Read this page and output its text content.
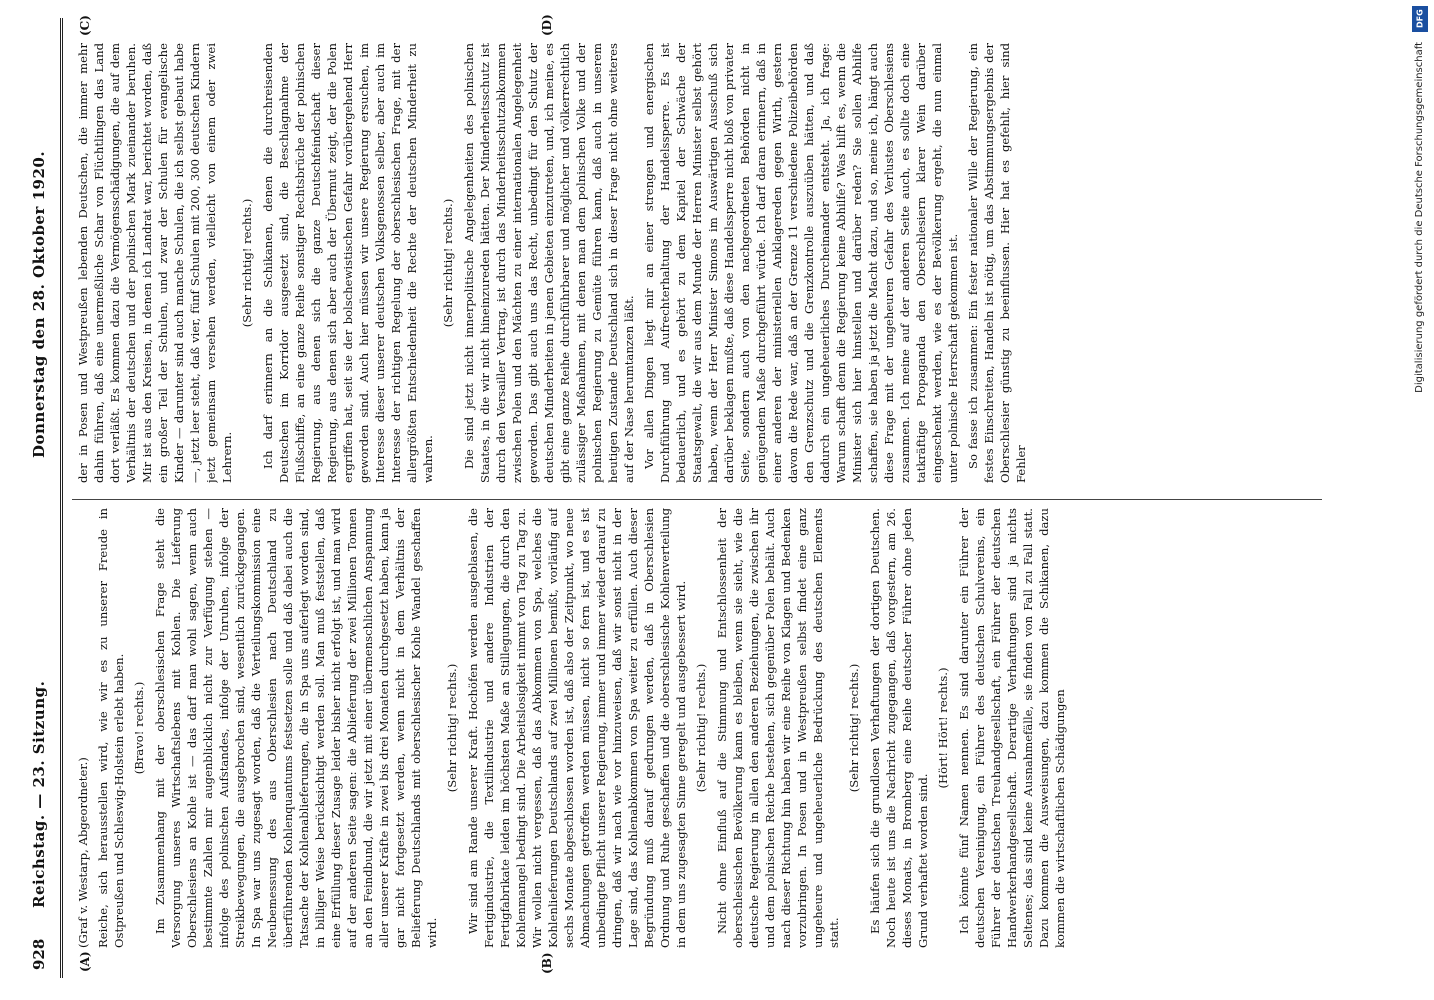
928
Reichstag. — 23. Sitzung.
Donnerstag den 28. Oktober 1920.
(A)	(B)
(C)	(D)

(Graf v. Westarp, Abgeordneter.) Reiche, sich herausstellen wird, wie wir es zu unserer Freude in Ostpreußen und Schleswig-Holstein erlebt haben. (Bravo! rechts.) Im Zusammenhang mit der oberschlesischen Frage steht die Versorgung unseres Wirtschaftslebens mit Kohlen. Die Lieferung Oberschlesiens an Kohle ist — das darf man wohl sagen, wenn auch bestimmte Zahlen mir augenblicklich nicht zur Verfügung stehen — infolge des polnischen Aufstandes, infolge der Unruhen, infolge der Streikbewegungen, die ausgebrochen sind, wesentlich zurückgegangen. In Spa war uns zugesagt worden, daß die Verteilungskommission eine Neubemessung des aus Oberschlesien nach Deutschland zu überführenden Kohlenquantums festsetzen solle und daß dabei auch die Tatsache der Kohlenablieferungen, die in Spa uns auferlegt worden sind, in billiger Weise berücksichtigt werden soll. Man muß feststellen, daß eine Erfüllung dieser Zusage leider bisher nicht erfolgt ist, und man wird auf der anderen Seite sagen: die Ablieferung der zwei Millionen Tonnen an den Feindbund, die wir jetzt mit einer übermenschlichen Anspannung aller unserer Kräfte in zwei bis drei Monaten durchgesetzt haben, kann ja gar nicht fortgesetzt werden, wenn nicht in dem Verhältnis der Belieferung Deutschlands mit oberschlesischer Kohle Wandel geschaffen wird.

(Sehr richtig! rechts.) Wir sind am Rande unserer Kraft. Hochöfen werden ausgeblasen, die Fertigindustrie, die Textilindustrie und andere Industrien der Fertigfabrikate leiden im höchsten Maße an Stillegungen, die durch den Kohlenmangel bedingt sind. Die Arbeitslosigkeit nimmt von Tag zu Tag zu. Wir wollen nicht vergessen, daß das Abkommen von Spa, welches die Kohlenlieferungen Deutschlands auf zwei Millionen bemißt, vorläufig auf sechs Monate abgeschlossen worden ist, daß also der Zeitpunkt, wo neue Abmachungen getroffen werden müssen, nicht so fern ist, und es ist unbedingte Pflicht unserer Regierung, immer und immer wieder darauf zu dringen, daß wir nach wie vor hinzuweisen, daß wir sonst nicht in der Lage sind, das Kohlenabkommen von Spa weiter zu erfüllen. Auch dieser Begründung muß darauf gedrungen werden, daß in Oberschlesien Ordnung und Ruhe geschaffen und die oberschlesische Kohlenverteilung in dem uns zugesagten Sinne geregelt und ausgebessert wird. (Sehr richtig! rechts.) Nicht ohne Einfluß auf die Stimmung und Entschlossenheit der oberschlesischen Bevölkerung kann es bleiben, wenn sie sieht, wie die deutsche Regierung in allen den anderen Beziehungen, die zwischen ihr und dem polnischen Reiche bestehen, sich gegenüber Polen behält. Auch nach dieser Richtung hin haben wir eine Reihe von Klagen und Bedenken vorzubringen. In Posen und in Westpreußen selbst findet eine ganz ungeheure und ungeheuerliche Bedrückung des deutschen Elements statt.

(Sehr richtig! rechts.) Es häufen sich die grundlosen Verhaftungen der dortigen Deutschen. Noch heute ist uns die Nachricht zugegangen, daß vorgestern, am 26. dieses Monats, in Bromberg eine Reihe deutscher Führer ohne jeden Grund verhaftet worden sind.

(Hört! Hört! rechts.) Ich könnte fünf Namen nennen. Es sind darunter ein Führer der deutschen Vereinigung, ein Führer des deutschen Schulvereins, ein Führer der deutschen Treuhandgesellschaft, ein Führer der deutschen Handwerkerhandgesellschaft. Derartige Verhaftungen sind ja nichts Seltenes; das sind keine Ausnahmefälle, sie finden von Fall zu Fall statt. Dazu kommen die Ausweisungen, dazu kommen die Schikanen, dazu kommen die wirtschaftlichen Schädigungen

der in Posen und Westpreußen lebenden Deutschen, die immer mehr dahin führen, daß eine unermeßliche Schar von Flüchtlingen das Land dort verläßt. Es kommen dazu die Vermögensschädigungen, die auf dem Verhältnis der deutschen und der polnischen Mark zueinander beruhen. Mir ist aus den Kreisen, in denen ich Landrat war, berichtet worden, daß ein großer Teil der Schulen, und zwar der Schulen für evangelische Kinder — darunter sind auch manche Schulen, die ich selbst gebaut habe —, jetzt leer steht, daß vier, fünf Schulen mit 200, 300 deutschen Kindern jetzt gemeinsam versehen werden, vielleicht von einem oder zwei Lehrern.

(Sehr richtig! rechts.) Ich darf erinnern an die Schikanen, denen die durchreisenden Deutschen im Korridor ausgesetzt sind, die Beschlagnahme der Flußschiffe, an eine ganze Reihe sonstiger Rechtsbrüche der polnischen Regierung, aus denen sich die ganze Deutschfeindschaft dieser Regierung, aus denen sich aber auch der Übermut zeigt, der die Polen ergriffen hat, seit sie der bolschewistischen Gefahr vorübergehend Herr geworden sind. Auch hier müssen wir unsere Regierung ersuchen, im Interesse dieser unserer deutschen Volksgenossen selber, aber auch im Interesse der richtigen Regelung der oberschlesischen Frage, mit der allergrößten Entschiedenheit die Rechte der deutschen Minderheit zu wahren.

(Sehr richtig! rechts.) Die sind jetzt nicht innerpolitische Angelegenheiten des polnischen Staates, in die wir nicht hineinzureden hätten. Der Minderheitsschutz ist durch den Versailler Vertrag, ist durch das Minderheitsschutzabkommen zwischen Polen und den Mächten zu einer internationalen Angelegenheit geworden. Das gibt auch uns das Recht, unbedingt für den Schutz der deutschen Minderheiten in jenen Gebieten einzutreten, und, ich meine, es gibt eine ganze Reihe durchführbarer und möglicher und völkerrechtlich zulässiger Maßnahmen, mit denen man dem polnischen Volke und der polnischen Regierung zu Gemüte führen kann, daß auch in unserem heutigen Zustande Deutschland sich in dieser Frage nicht ohne weiteres auf der Nase herumtanzen läßt. Vor allen Dingen liegt mir an einer strengen und energischen Durchführung und Aufrechterhaltung der Handelssperre. Es ist bedauerlich, und es gehört zu dem Kapitel der Schwäche der Staatsgewalt, die wir aus dem Munde der Herren Minister selbst gehört haben, wenn der Herr Minister Simons im Auswärtigen Ausschuß sich darüber beklagen mußte, daß diese Handelssperre nicht bloß von privater Seite, sondern auch von den nachgeordneten Behörden nicht in genügendem Maße durchgeführt würde. Ich darf daran erinnern, daß in einer anderen der ministeriellen Anklagereden gegen Wirth, gestern davon die Rede war, daß an der Grenze 11 verschiedene Polizeibehörden den Grenzschutz und die Grenzkontrolle auszuüben hätten, und daß dadurch ein ungeheuerliches Durcheinander entsteht. Ja, ich frage: Warum schafft denn die Regierung keine Abhilfe? Was hilft es, wenn die Minister sich hier hinstellen und darüber reden? Sie sollen Abhilfe schaffen, sie haben ja jetzt die Macht dazu, und so, meine ich, hängt auch diese Frage mit der ungeheuren Gefahr des Verlustes Oberschlesiens zusammen. Ich meine auf der anderen Seite auch, es sollte doch eine tatkräftige Propaganda den Oberschlesiern klarer Wein darüber eingeschenkt werden, wie es der Bevölkerung ergeht, die nun einmal unter polnische Herrschaft gekommen ist. So fasse ich zusammen: Ein fester nationaler Wille der Regierung, ein festes Einschreiten, Handeln ist nötig, um das Abstimmungsergebnis der Oberschlesier günstig zu beeinflussen. Hier hat es gefehlt, hier sind Fehler

DFG
Digitalisierung gefördert durch die Deutsche Forschungsgemeinschaft
